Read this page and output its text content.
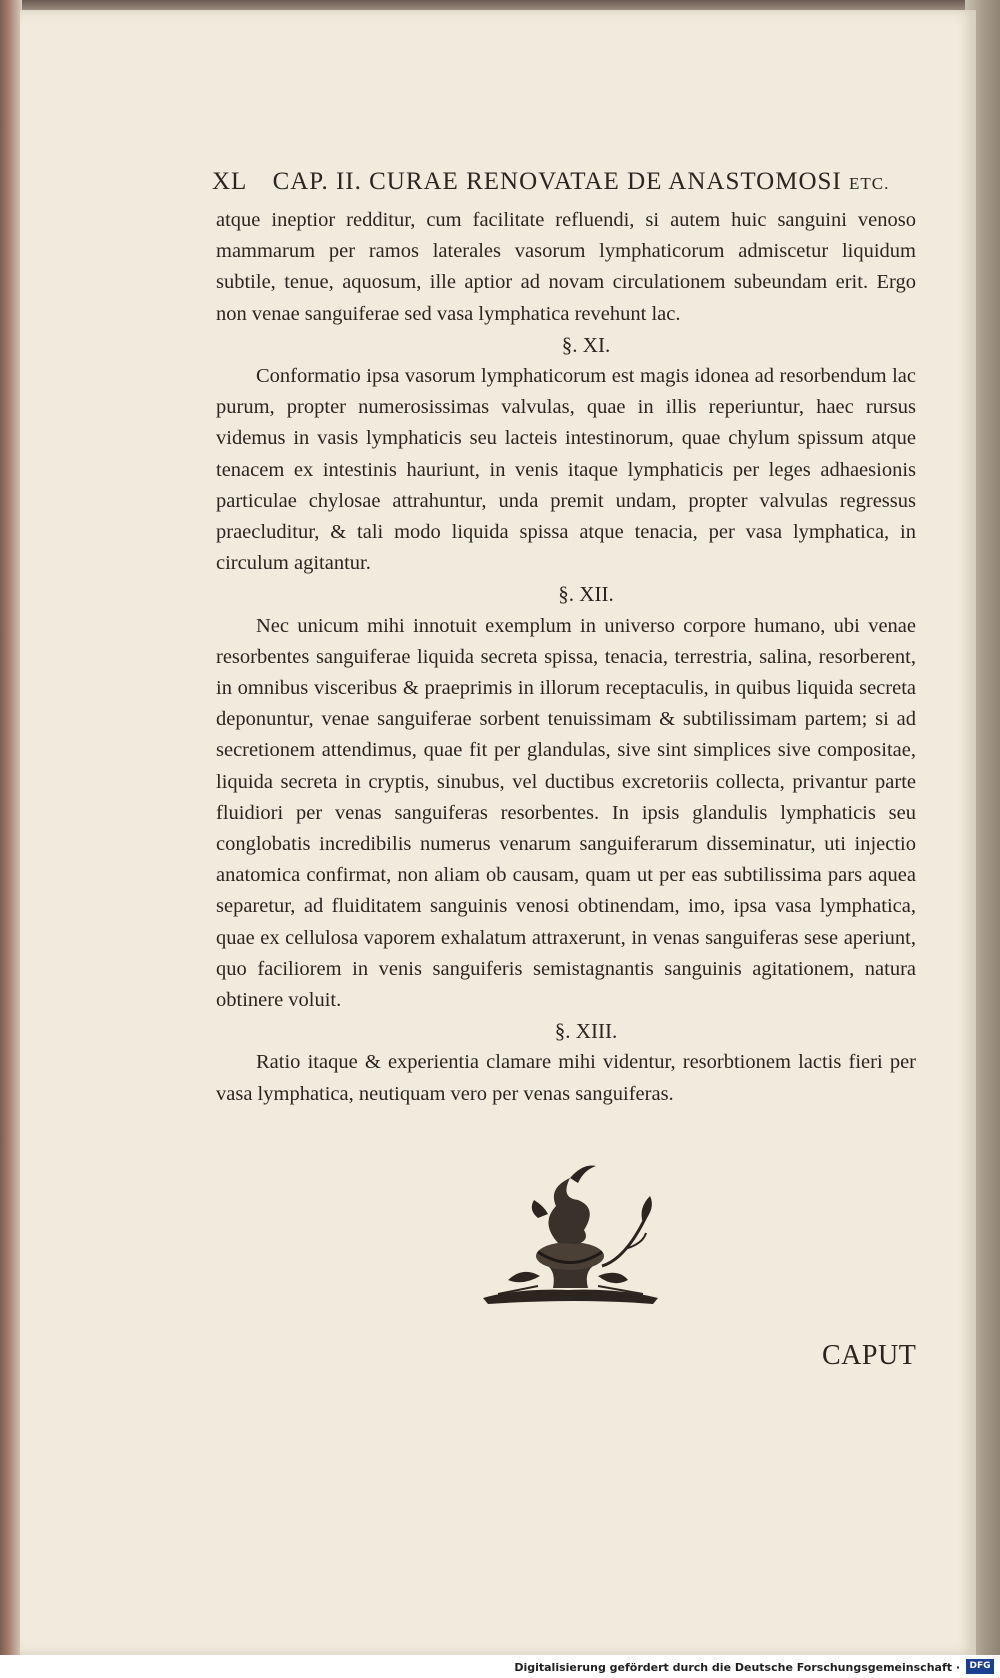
XL CAP. II. CURAE RENOVATAE DE ANASTOMOSI ETC.

atque ineptior redditur, cum facilitate refluendi, si autem huic sanguini venoso mammarum per ramos laterales vasorum lymphaticorum admiscetur liquidum subtile, tenue, aquosum, ille aptior ad novam circulationem subeundam erit. Ergo non venae sanguiferae sed vasa lymphatica revehunt lac.

§. XI.

Conformatio ipsa vasorum lymphaticorum est magis idonea ad resorbendum lac purum, propter numerosissimas valvulas, quae in illis reperiuntur, haec rursus videmus in vasis lymphaticis seu lacteis intestinorum, quae chylum spissum atque tenacem ex intestinis hauriunt, in venis itaque lymphaticis per leges adhaesionis particulae chylosae attrahuntur, unda premit undam, propter valvulas regressus praecluditur, & tali modo liquida spissa atque tenacia, per vasa lymphatica, in circulum agitantur.

§. XII.

Nec unicum mihi innotuit exemplum in universo corpore humano, ubi venae resorbentes sanguiferae liquida secreta spissa, tenacia, terrestria, salina, resorberent, in omnibus visceribus & praeprimis in illorum receptaculis, in quibus liquida secreta deponuntur, venae sanguiferae sorbent tenuissimam & subtilissimam partem; si ad secretionem attendimus, quae fit per glandulas, sive sint simplices sive compositae, liquida secreta in cryptis, sinubus, vel ductibus excretoriis collecta, privantur parte fluidiori per venas sanguiferas resorbentes. In ipsis glandulis lymphaticis seu conglobatis incredibilis numerus venarum sanguiferarum disseminatur, uti injectio anatomica confirmat, non aliam ob causam, quam ut per eas subtilissima pars aquea separetur, ad fluiditatem sanguinis venosi obtinendam, imo, ipsa vasa lymphatica, quae ex cellulosa vaporem exhalatum attraxerunt, in venas sanguiferas sese aperiunt, quo faciliorem in venis sanguiferis semistagnantis sanguinis agitationem, natura obtinere voluit.

§. XIII.

Ratio itaque & experientia clamare mihi videntur, resorbtionem lactis fieri per vasa lymphatica, neutiquam vero per venas sanguiferas.

CAPUT
Digitalisierung gefördert durch die Deutsche Forschungsgemeinschaft ·	DFG
